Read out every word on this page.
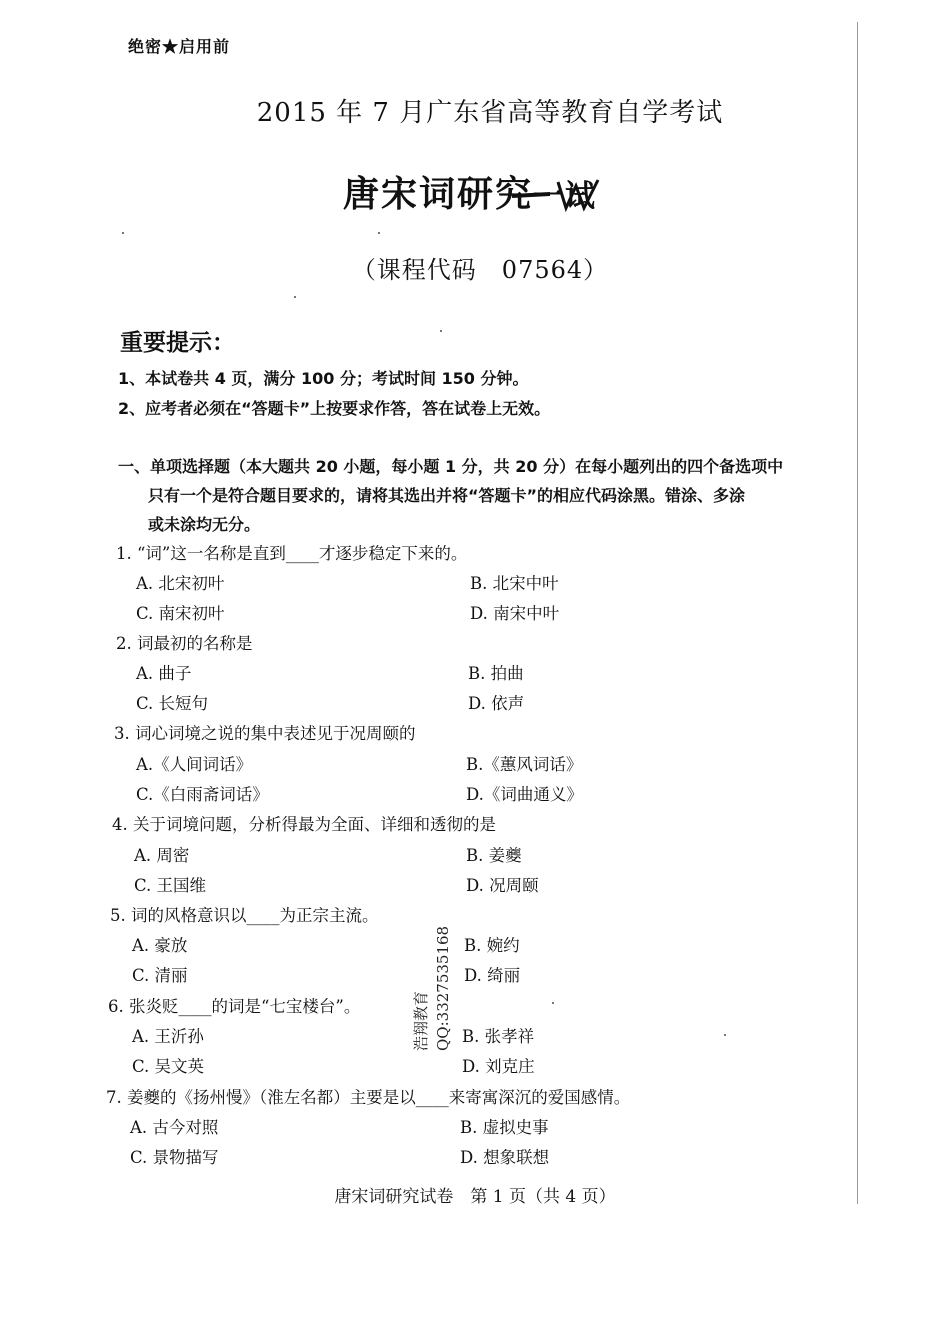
绝密★启用前
2015 年 7 月广东省高等教育自学考试
唐宋词研究一试
（课程代码　07564）
重要提示：
1、本试卷共 4 页，满分 100 分；考试时间 150 分钟。
2、应考者必须在“答题卡”上按要求作答，答在试卷上无效。
一、单项选择题（本大题共 20 小题，每小题 1 分，共 20 分）在每小题列出的四个备选项中
只有一个是符合题目要求的，请将其选出并将“答题卡”的相应代码涂黑。错涂、多涂
或未涂均无分。
1. “词”这一名称是直到____才逐步稳定下来的。
A. 北宋初叶	B. 北宋中叶
C. 南宋初叶	D. 南宋中叶
2. 词最初的名称是
A. 曲子	B. 拍曲
C. 长短句	D. 依声
3. 词心词境之说的集中表述见于况周颐的
A.《人间词话》	B.《蕙风词话》
C.《白雨斋词话》	D.《词曲通义》
4. 关于词境问题，分析得最为全面、详细和透彻的是
A. 周密	B. 姜夔
C. 王国维	D. 况周颐
5. 词的风格意识以____为正宗主流。
A. 豪放	B. 婉约
C. 清丽	D. 绮丽
6. 张炎贬____的词是“七宝楼台”。
A. 王沂孙	B. 张孝祥
C. 吴文英	D. 刘克庄
7. 姜夔的《扬州慢》（淮左名都）主要是以____来寄寓深沉的爱国感情。
A. 古今对照	B. 虚拟史事
C. 景物描写	D. 想象联想
浩翔教育 QQ:3327535168
唐宋词研究试卷　第 1 页（共 4 页）
